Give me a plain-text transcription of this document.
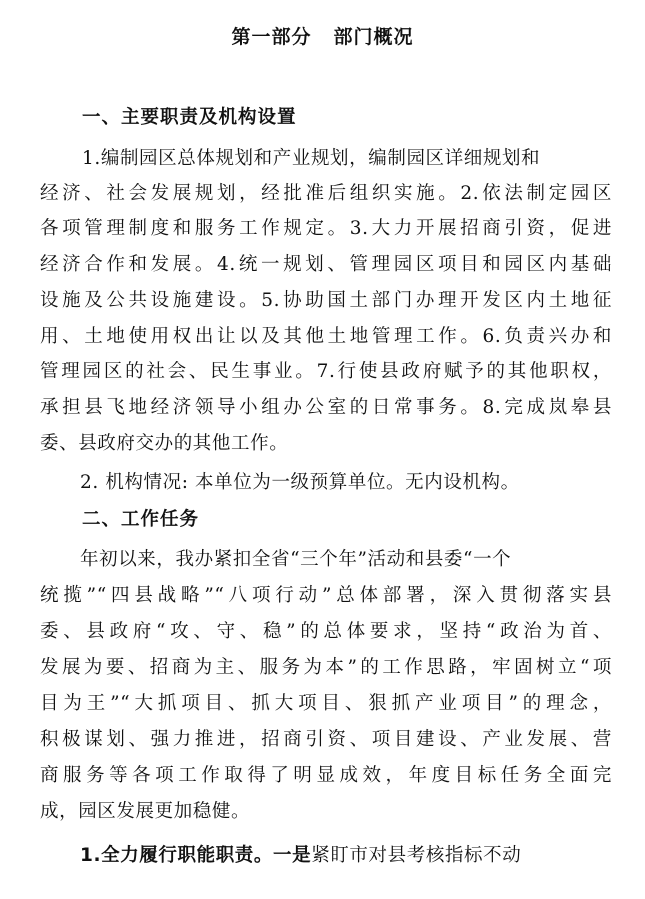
第一部分 部门概况
一、主要职责及机构设置
1.编制园区总体规划和产业规划，编制园区详细规划和
经济、社会发展规划，经批准后组织实施。2.依法制定园区
各项管理制度和服务工作规定。3.大力开展招商引资，促进
经济合作和发展。4.统一规划、管理园区项目和园区内基础
设施及公共设施建设。5.协助国土部门办理开发区内土地征
用、土地使用权出让以及其他土地管理工作。6.负责兴办和
管理园区的社会、民生事业。7.行使县政府赋予的其他职权，
承担县飞地经济领导小组办公室的日常事务。8.完成岚皋县
委、县政府交办的其他工作。
2. 机构情况: 本单位为一级预算单位。无内设机构。
二、工作任务
年初以来，我办紧扣全省“三个年”活动和县委“一个
统揽”“四县战略”“八项行动”总体部署，深入贯彻落实县
委、县政府“攻、守、稳”的总体要求，坚持“政治为首、
发展为要、招商为主、服务为本”的工作思路，牢固树立“项
目为王”“大抓项目、抓大项目、狠抓产业项目”的理念，
积极谋划、强力推进，招商引资、项目建设、产业发展、营
商服务等各项工作取得了明显成效，年度目标任务全面完
成，园区发展更加稳健。
1.全力履行职能职责。一是紧盯市对县考核指标不动
